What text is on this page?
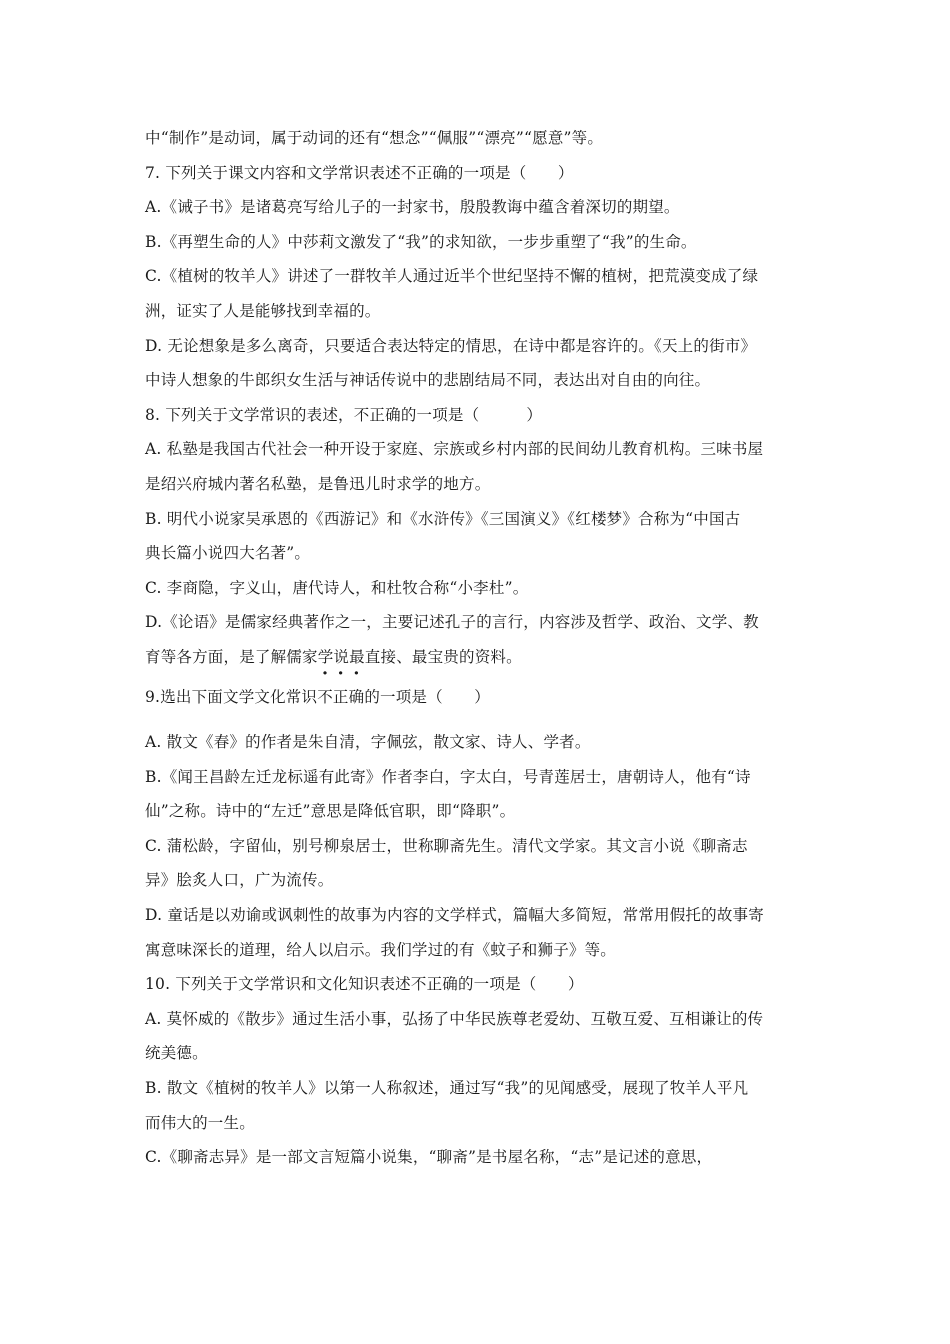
中“制作”是动词，属于动词的还有“想念”“佩服”“漂亮”“愿意”等。
7. 下列关于课文内容和文学常识表述不正确的一项是（　　）
A.《诫子书》是诸葛亮写给儿子的一封家书，殷殷教诲中蕴含着深切的期望。
B.《再塑生命的人》中莎莉文激发了“我”的求知欲，一步步重塑了“我”的生命。
C.《植树的牧羊人》讲述了一群牧羊人通过近半个世纪坚持不懈的植树，把荒漠变成了绿
洲，证实了人是能够找到幸福的。
D. 无论想象是多么离奇，只要适合表达特定的情思，在诗中都是容许的。《天上的街市》
中诗人想象的牛郎织女生活与神话传说中的悲剧结局不同，表达出对自由的向往。
8. 下列关于文学常识的表述，不正确的一项是（　　　）
A. 私塾是我国古代社会一种开设于家庭、宗族或乡村内部的民间幼儿教育机构。三味书屋
是绍兴府城内著名私塾，是鲁迅儿时求学的地方。
B. 明代小说家吴承恩的《西游记》和《水浒传》《三国演义》《红楼梦》合称为“中国古
典长篇小说四大名著”。
C. 李商隐，字义山，唐代诗人，和杜牧合称“小李杜”。
D.《论语》是儒家经典著作之一，主要记述孔子的言行，内容涉及哲学、政治、文学、教
育等各方面，是了解儒家学说最直接、最宝贵的资料。
9.选出下面文学文化常识不正确的一项是（　　）
A. 散文《春》的作者是朱自清，字佩弦，散文家、诗人、学者。
B.《闻王昌龄左迁龙标遥有此寄》作者李白，字太白，号青莲居士，唐朝诗人，他有“诗
仙”之称。诗中的“左迁”意思是降低官职，即“降职”。
C. 蒲松龄，字留仙，别号柳泉居士，世称聊斋先生。清代文学家。其文言小说《聊斋志
异》脍炙人口，广为流传。
D. 童话是以劝谕或讽刺性的故事为内容的文学样式，篇幅大多简短，常常用假托的故事寄
寓意味深长的道理，给人以启示。我们学过的有《蚊子和狮子》等。
10. 下列关于文学常识和文化知识表述不正确的一项是（　　）
A. 莫怀威的《散步》通过生活小事，弘扬了中华民族尊老爱幼、互敬互爱、互相谦让的传
统美德。
B. 散文《植树的牧羊人》以第一人称叙述，通过写“我”的见闻感受，展现了牧羊人平凡
而伟大的一生。
C.《聊斋志异》是一部文言短篇小说集，“聊斋”是书屋名称，“志”是记述的意思，
